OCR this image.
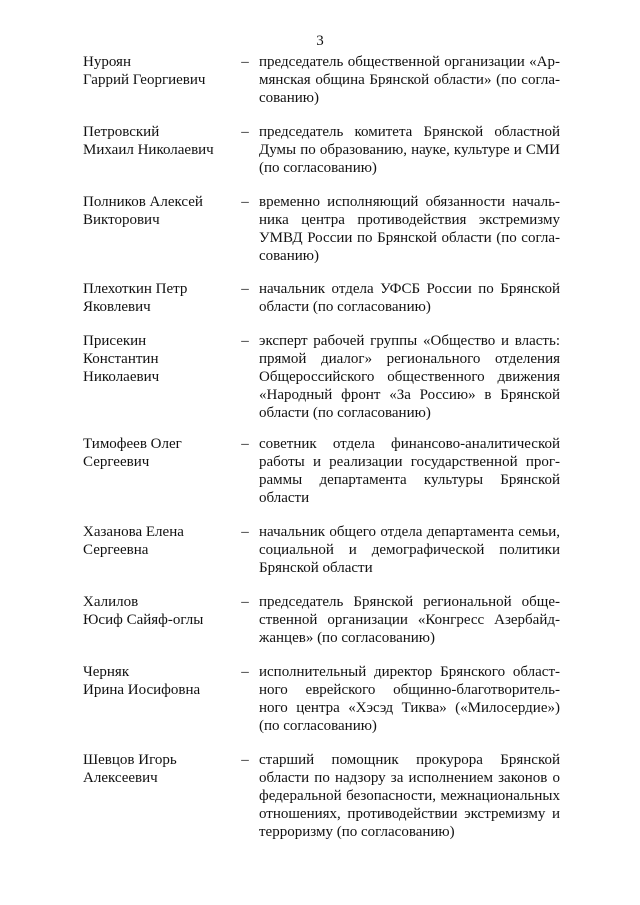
3
Нуроян
Гаррий Георгиевич
– председатель общественной организации «Ар-
мянская община Брянской области» (по согла-
сованию)
Петровский
Михаил Николаевич
– председатель комитета Брянской областной
Думы по образованию, науке, культуре и СМИ
(по согласованию)
Полников Алексей
Викторович
– временно исполняющий обязанности началь-
ника центра противодействия экстремизму
УМВД России по Брянской области (по согла-
сованию)
Плехоткин Петр
Яковлевич
– начальник отдела УФСБ России по Брянской
области (по согласованию)
Присекин
Константин Николаевич
– эксперт рабочей группы «Общество и власть:
прямой диалог» регионального отделения
Общероссийского общественного движения
«Народный фронт «За Россию» в Брянской
области (по согласованию)
Тимофеев Олег
Сергеевич
– советник отдела финансово-аналитической
работы и реализации государственной прог-
раммы департамента культуры Брянской
области
Хазанова Елена
Сергеевна
– начальник общего отдела департамента семьи,
социальной и демографической политики
Брянской области
Халилов
Юсиф Сайяф-оглы
– председатель Брянской региональной обще-
ственной организации «Конгресс Азербайд-
жанцев» (по согласованию)
Черняк
Ирина Иосифовна
– исполнительный директор Брянского област-
ного еврейского общинно-благотворитель-
ного центра «Хэсэд Тиква» («Милосердие»)
(по согласованию)
Шевцов Игорь
Алексеевич
– старший помощник прокурора Брянской
области по надзору за исполнением законов о
федеральной безопасности, межнациональных
отношениях, противодействии экстремизму и
терроризму (по согласованию)
